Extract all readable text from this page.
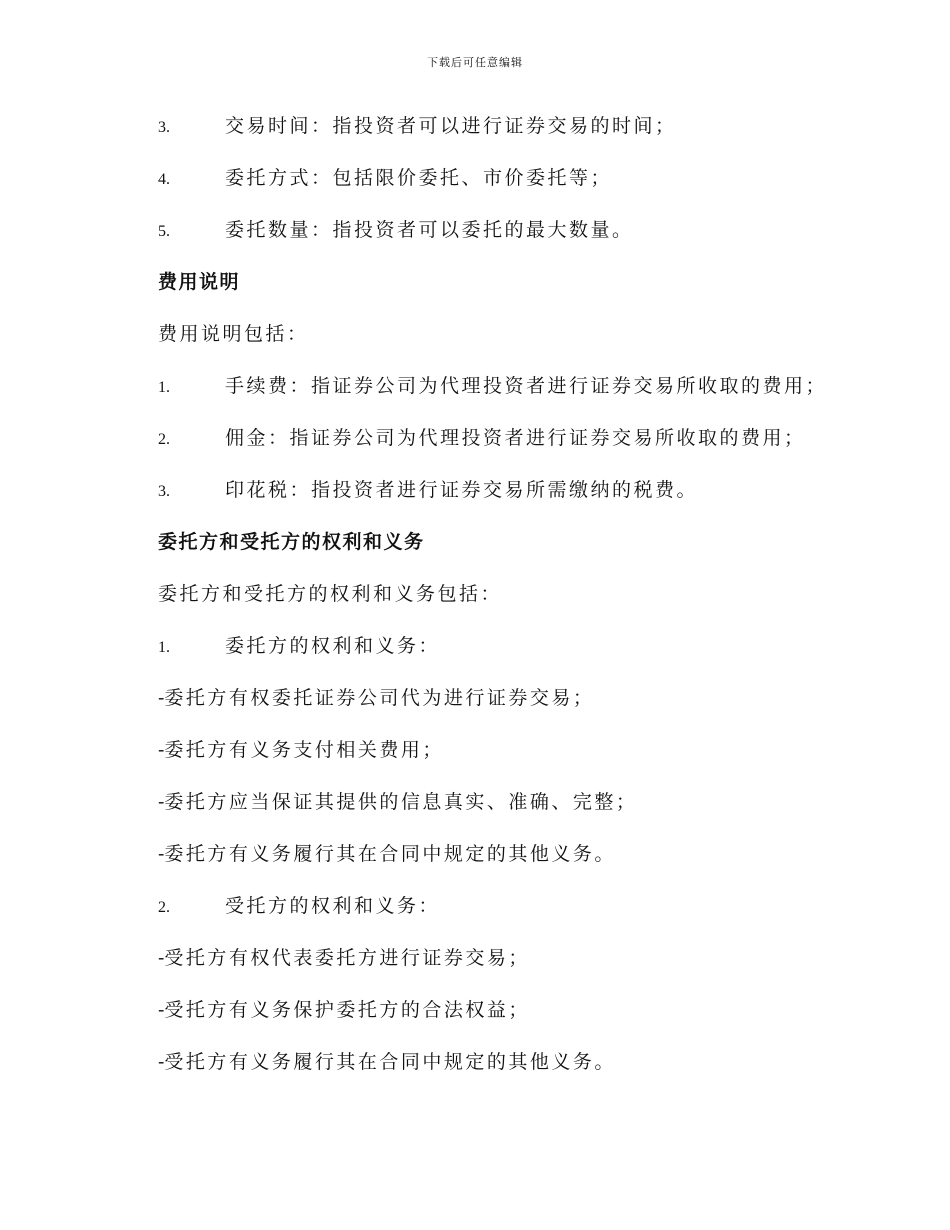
下载后可任意编辑
3.	交易时间：指投资者可以进行证券交易的时间；
4.	委托方式：包括限价委托、市价委托等；
5.	委托数量：指投资者可以委托的最大数量。
费用说明
费用说明包括：
1.	手续费：指证券公司为代理投资者进行证券交易所收取的费用；
2.	佣金：指证券公司为代理投资者进行证券交易所收取的费用；
3.	印花税：指投资者进行证券交易所需缴纳的税费。
委托方和受托方的权利和义务
委托方和受托方的权利和义务包括：
1.	委托方的权利和义务：
-委托方有权委托证券公司代为进行证券交易；
-委托方有义务支付相关费用；
-委托方应当保证其提供的信息真实、准确、完整；
-委托方有义务履行其在合同中规定的其他义务。
2.	受托方的权利和义务：
-受托方有权代表委托方进行证券交易；
-受托方有义务保护委托方的合法权益；
-受托方有义务履行其在合同中规定的其他义务。
